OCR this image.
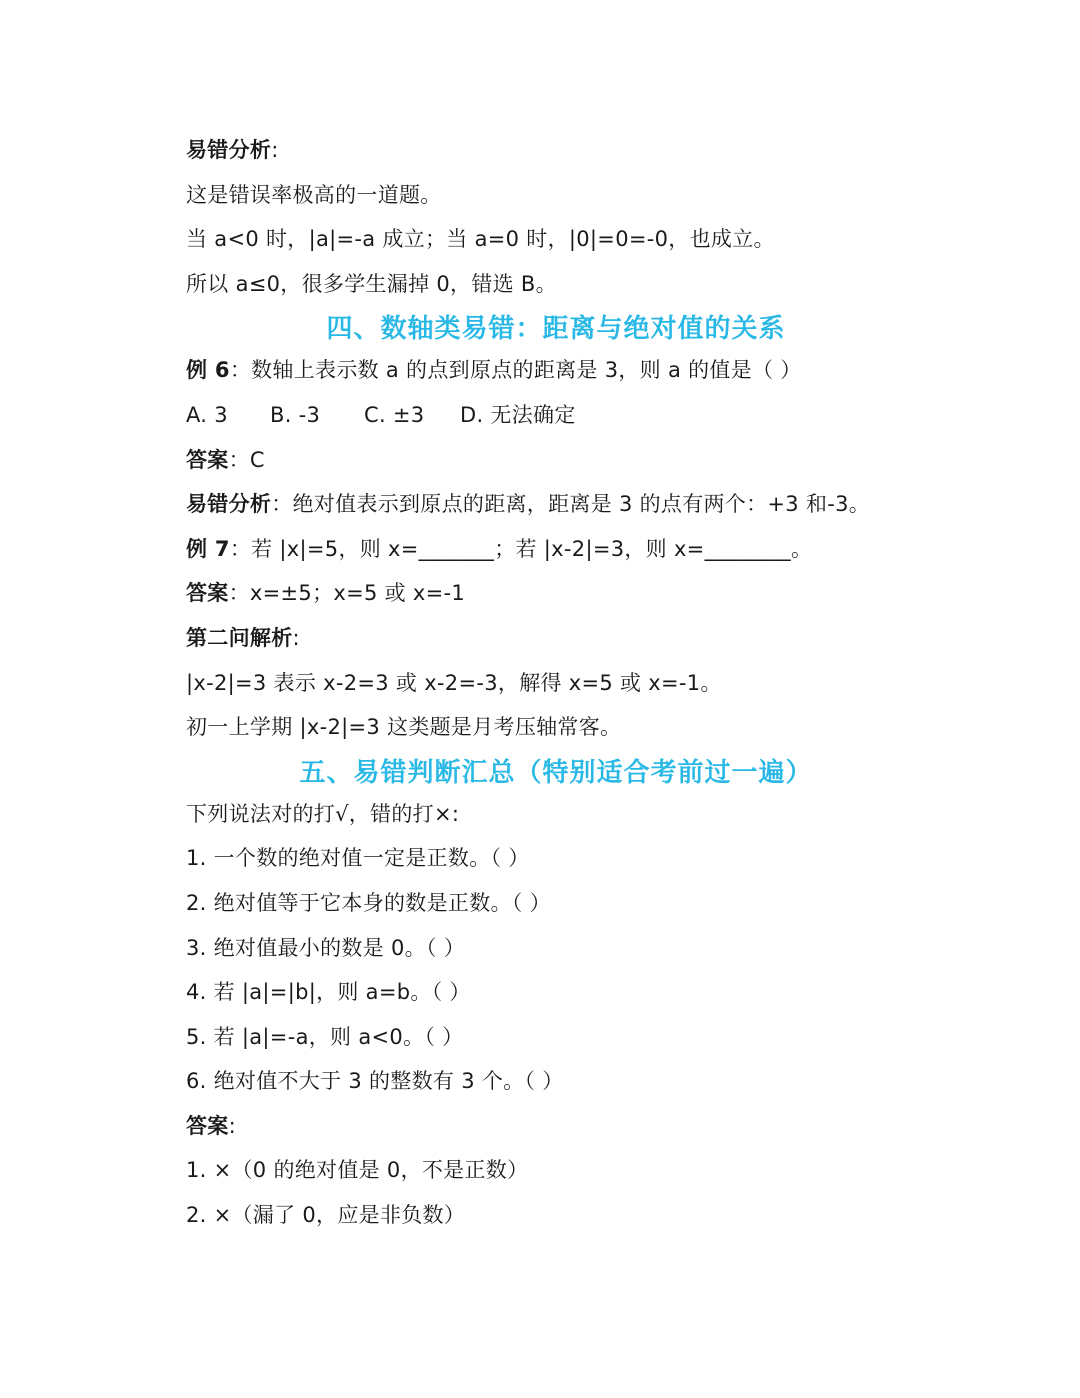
易错分析:
这是错误率极高的一道题。
当 a<0 时，|a|=-a 成立；当 a=0 时，|0|=0=-0，也成立。
所以 a≤0，很多学生漏掉 0，错选 B。
四、数轴类易错：距离与绝对值的关系
例 6：数轴上表示数 a 的点到原点的距离是 3，则 a 的值是（ ）
A. 3 B. -3 C. ±3 D. 无法确定
答案：C
易错分析：绝对值表示到原点的距离，距离是 3 的点有两个：+3 和-3。
例 7：若 |x|=5，则 x=_______；若 |x-2|=3，则 x=________。
答案：x=±5；x=5 或 x=-1
第二问解析:
|x-2|=3 表示 x-2=3 或 x-2=-3，解得 x=5 或 x=-1。
初一上学期 |x-2|=3 这类题是月考压轴常客。
五、易错判断汇总（特别适合考前过一遍）
下列说法对的打√，错的打×:
1. 一个数的绝对值一定是正数。（ ）
2. 绝对值等于它本身的数是正数。（ ）
3. 绝对值最小的数是 0。（ ）
4. 若 |a|=|b|，则 a=b。（ ）
5. 若 |a|=-a，则 a<0。（ ）
6. 绝对值不大于 3 的整数有 3 个。（ ）
答案:
1. ×（0 的绝对值是 0，不是正数）
2. ×（漏了 0，应是非负数）
